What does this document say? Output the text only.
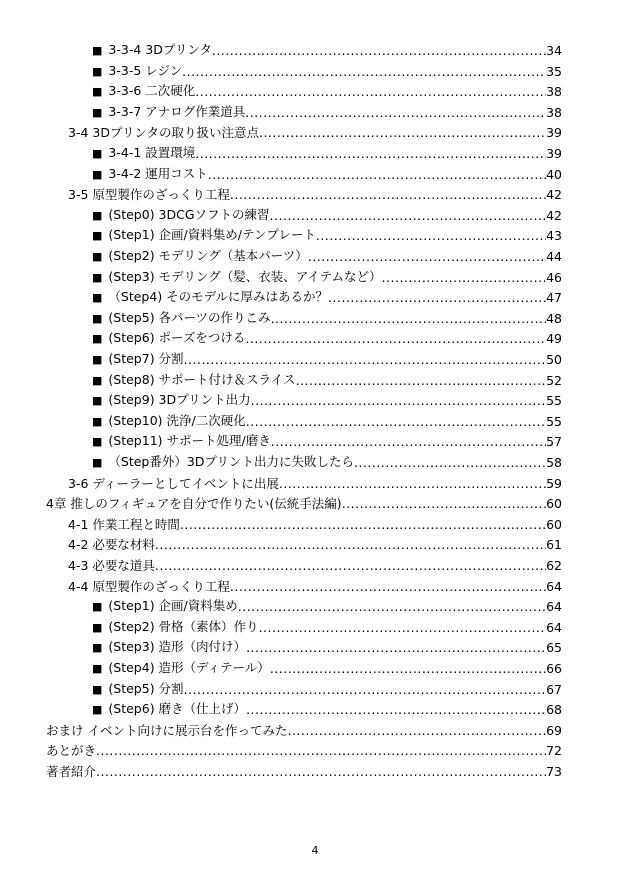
■ 3-3-4 3Dプリンタ .....	34
■ 3-3-5 レジン .....	35
■ 3-3-6 二次硬化 .....	38
■ 3-3-7 アナログ作業道具 .....	38
3-4 3Dプリンタの取り扱い注意点 .....	39
■ 3-4-1 設置環境 .....	39
■ 3-4-2 運用コスト .....	40
3-5 原型製作のざっくり工程 .....	42
■ (Step0) 3DCGソフトの練習 .....	42
■ (Step1) 企画/資料集め/テンプレート .....	43
■ (Step2) モデリング（基本パーツ） .....	44
■ (Step3) モデリング（髪、衣装、アイテムなど） .....	46
■ （Step4) そのモデルに厚みはあるか？ .....	47
■ (Step5) 各パーツの作りこみ .....	48
■ (Step6) ポーズをつける .....	49
■ (Step7) 分割 .....	50
■ (Step8) サポート付け＆スライス .....	52
■ (Step9) 3Dプリント出力 .....	55
■ (Step10) 洗浄/二次硬化 .....	55
■ (Step11) サポート処理/磨き .....	57
■ （Step番外）3Dプリント出力に失敗したら .....	58
3-6 ディーラーとしてイベントに出展 .....	59
4章 推しのフィギュアを自分で作りたい(伝統手法編) .....	60
4-1 作業工程と時間 .....	60
4-2 必要な材料 .....	61
4-3 必要な道具 .....	62
4-4 原型製作のざっくり工程 .....	64
■ (Step1) 企画/資料集め .....	64
■ (Step2) 骨格（素体）作り .....	64
■ (Step3) 造形（肉付け） .....	65
■ (Step4) 造形（ディテール） .....	66
■ (Step5) 分割 .....	67
■ (Step6) 磨き（仕上げ） .....	68
おまけ イベント向けに展示台を作ってみた .....	69
あとがき .....	72
著者紹介 .....	73
4
